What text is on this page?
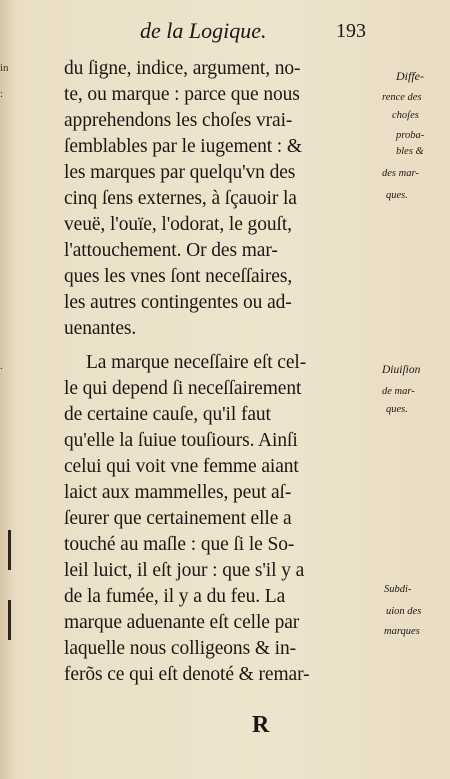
in
:
.
de la Logique.	193
du ſigne, indice, argument, no-
te, ou marque : parce que nous
apprehendons les choſes vrai-
ſemblables par le iugement : &
les marques par quelqu'vn des
cinq ſens externes, à ſçauoir la
veuë, l'ouïe, l'odorat, le gouſt,
l'attouchement. Or des mar-
ques les vnes ſont neceſſaires,
les autres contingentes ou ad-
uenantes.
La marque neceſſaire eſt cel-
le qui depend ſi neceſſairement
de certaine cauſe, qu'il faut
qu'elle la ſuiue touſiours. Ainſi
celui qui voit vne femme aiant
laict aux mammelles, peut aſ-
ſeurer que certainement elle a
touché au maſle : que ſi le So-
leil luict, il eſt jour : que s'il y a
de la fumée, il y a du feu. La
marque aduenante eſt celle par
laquelle nous colligeons & in-
ferõs ce qui eſt denoté & remar-
Diffe-
rence des
choſes
proba-
bles &
des mar-
ques.
Diuiſion
de mar-
ques.
Subdi-
uion des
marques
R
